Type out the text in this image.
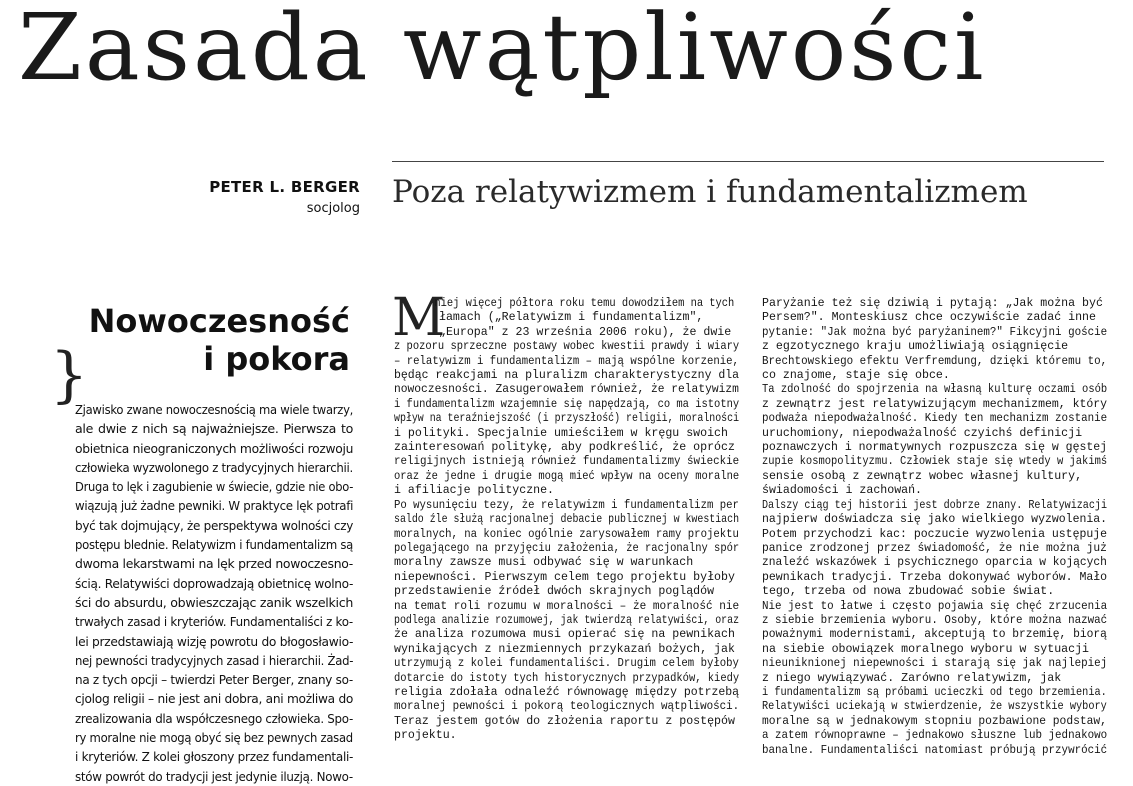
Zasada wątpliwości

PETER L. BERGER

socjolog Poza relatywizmem i fundamentalizmem
Nowoczesność
i pokora
}
Zjawisko zwane nowoczesnością ma wiele twarzy,
ale dwie z nich są najważniejsze. Pierwsza to
obietnica nieograniczonych możliwości rozwoju
człowieka wyzwolonego z tradycyjnych hierarchii.
Druga to lęk i zagubienie w świecie, gdzie nie obo-
wiązują już żadne pewniki. W praktyce lęk potrafi
być tak dojmujący, że perspektywa wolności czy
postępu blednie. Relatywizm i fundamentalizm są
dwoma lekarstwami na lęk przed nowoczesno-
ścią. Relatywiści doprowadzają obietnicę wolno-
ści do absurdu, obwieszczając zanik wszelkich
trwałych zasad i kryteriów. Fundamentaliści z ko-
lei przedstawiają wizję powrotu do błogosławio-
nej pewności tradycyjnych zasad i hierarchii. Żad-
na z tych opcji – twierdzi Peter Berger, znany so-
cjolog religii – nie jest ani dobra, ani możliwa do
zrealizowania dla współczesnego człowieka. Spo-
ry moralne nie mogą obyć się bez pewnych zasad
i kryteriów. Z kolei głoszony przez fundamentali-
stów powrót do tradycji jest jedynie iluzją. Nowo-
M
niej więcej półtora roku temu dowodziłem na tych
łamach („Relatywizm i fundamentalizm",
„Europa" z 23 września 2006 roku), że dwie
z pozoru sprzeczne postawy wobec kwestii prawdy i wiary
– relatywizm i fundamentalizm – mają wspólne korzenie,
będąc reakcjami na pluralizm charakterystyczny dla
nowoczesności. Zasugerowałem również, że relatywizm
i fundamentalizm wzajemnie się napędzają, co ma istotny
wpływ na teraźniejszość (i przyszłość) religii, moralności
i polityki. Specjalnie umieściłem w kręgu swoich
zainteresowań politykę, aby podkreślić, że oprócz
religijnych istnieją również fundamentalizmy świeckie
oraz że jedne i drugie mogą mieć wpływ na oceny moralne
i afiliacje polityczne.
Po wysunięciu tezy, że relatywizm i fundamentalizm per
saldo źle służą racjonalnej debacie publicznej w kwestiach
moralnych, na koniec ogólnie zarysowałem ramy projektu
polegającego na przyjęciu założenia, że racjonalny spór
moralny zawsze musi odbywać się w warunkach
niepewności. Pierwszym celem tego projektu byłoby
przedstawienie źródeł dwóch skrajnych poglądów
na temat roli rozumu w moralności – że moralność nie
podlega analizie rozumowej, jak twierdzą relatywiści, oraz
że analiza rozumowa musi opierać się na pewnikach
wynikających z niezmiennych przykazań bożych, jak
utrzymują z kolei fundamentaliści. Drugim celem byłoby
dotarcie do istoty tych historycznych przypadków, kiedy
religia zdołała odnaleźć równowagę między potrzebą
moralnej pewności i pokorą teologicznych wątpliwości.
Teraz jestem gotów do złożenia raportu z postępów
projektu.
Paryżanie też się dziwią i pytają: „Jak można być
Persem?". Monteskiusz chce oczywiście zadać inne
pytanie: "Jak można być paryżaninem?" Fikcyjni goście
z egzotycznego kraju umożliwiają osiągnięcie
Brechtowskiego efektu Verfremdung, dzięki któremu to,
co znajome, staje się obce.
Ta zdolność do spojrzenia na własną kulturę oczami osób
z zewnątrz jest relatywizującym mechanizmem, który
podważa niepodważalność. Kiedy ten mechanizm zostanie
uruchomiony, niepodważalność czyichś definicji
poznawczych i normatywnych rozpuszcza się w gęstej
zupie kosmopolityzmu. Człowiek staje się wtedy w jakimś
sensie osobą z zewnątrz wobec własnej kultury,
świadomości i zachowań.
Dalszy ciąg tej historii jest dobrze znany. Relatywizacji
najpierw doświadcza się jako wielkiego wyzwolenia.
Potem przychodzi kac: poczucie wyzwolenia ustępuje
panice zrodzonej przez świadomość, że nie można już
znaleźć wskazówek i psychicznego oparcia w kojących
pewnikach tradycji. Trzeba dokonywać wyborów. Mało
tego, trzeba od nowa zbudować sobie świat.
Nie jest to łatwe i często pojawia się chęć zrzucenia
z siebie brzemienia wyboru. Osoby, które można nazwać
poważnymi modernistami, akceptują to brzemię, biorą
na siebie obowiązek moralnego wyboru w sytuacji
nieuniknionej niepewności i starają się jak najlepiej
z niego wywiązywać. Zarówno relatywizm, jak
i fundamentalizm są próbami ucieczki od tego brzemienia.
Relatywiści uciekają w stwierdzenie, że wszystkie wybory
moralne są w jednakowym stopniu pozbawione podstaw,
a zatem równoprawne – jednakowo słuszne lub jednakowo
banalne. Fundamentaliści natomiast próbują przywrócić
